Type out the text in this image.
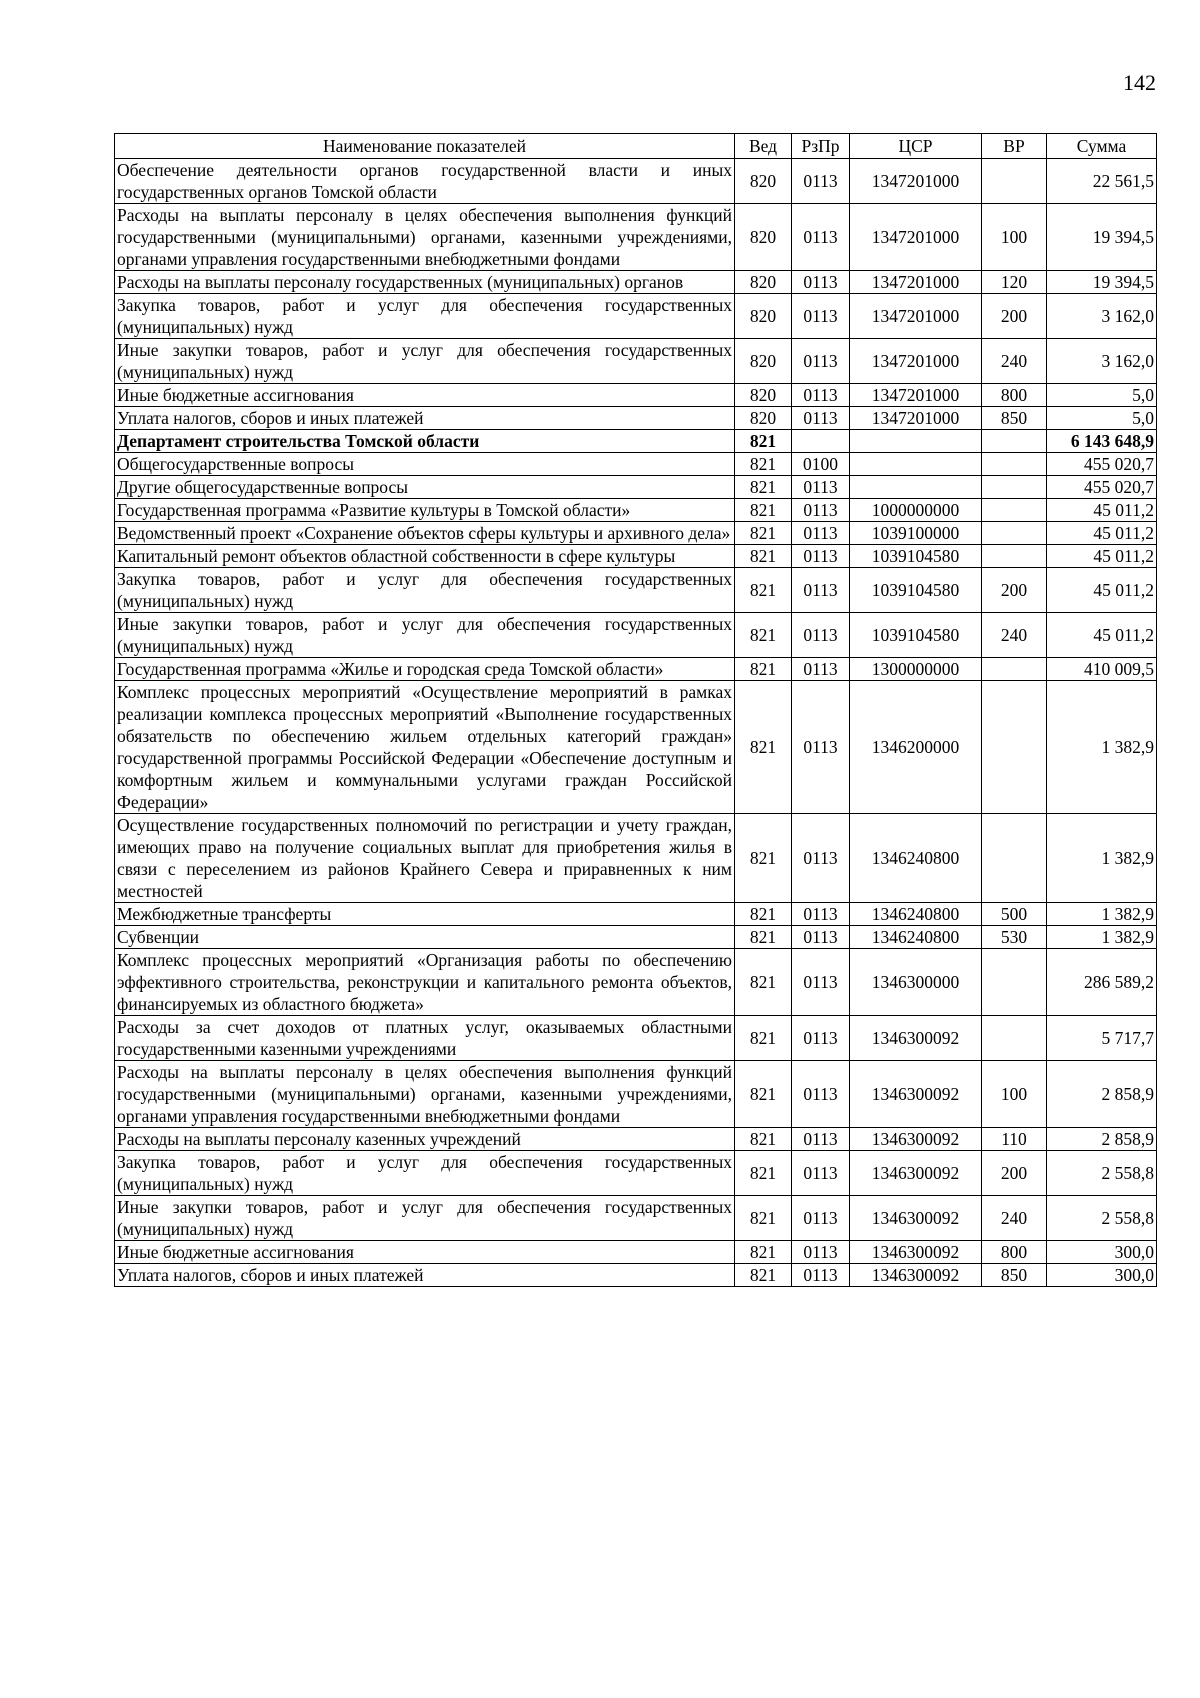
142
Наименование показателей	Вед	РзПр	ЦСР	ВР	Сумма
Обеспечение деятельности органов государственной власти и иных государственных органов Томской области	820	0113	1347201000		22 561,5
Расходы на выплаты персоналу в целях обеспечения выполнения функций государственными (муниципальными) органами, казенными учреждениями, органами управления государственными внебюджетными фондами	820	0113	1347201000	100	19 394,5
Расходы на выплаты персоналу государственных (муниципальных) органов	820	0113	1347201000	120	19 394,5
Закупка товаров, работ и услуг для обеспечения государственных (муниципальных) нужд	820	0113	1347201000	200	3 162,0
Иные закупки товаров, работ и услуг для обеспечения государственных (муниципальных) нужд	820	0113	1347201000	240	3 162,0
Иные бюджетные ассигнования	820	0113	1347201000	800	5,0
Уплата налогов, сборов и иных платежей	820	0113	1347201000	850	5,0
Департамент строительства Томской области	821				6 143 648,9
Общегосударственные вопросы	821	0100			455 020,7
Другие общегосударственные вопросы	821	0113			455 020,7
Государственная программа «Развитие культуры в Томской области»	821	0113	1000000000		45 011,2
Ведомственный проект «Сохранение объектов сферы культуры и архивного дела»	821	0113	1039100000		45 011,2
Капитальный ремонт объектов областной собственности в сфере культуры	821	0113	1039104580		45 011,2
Закупка товаров, работ и услуг для обеспечения государственных (муниципальных) нужд	821	0113	1039104580	200	45 011,2
Иные закупки товаров, работ и услуг для обеспечения государственных (муниципальных) нужд	821	0113	1039104580	240	45 011,2
Государственная программа «Жилье и городская среда Томской области»	821	0113	1300000000		410 009,5
Комплекс процессных мероприятий «Осуществление мероприятий в рамках реализации комплекса процессных мероприятий «Выполнение государственных обязательств по обеспечению жильем отдельных категорий граждан» государственной программы Российской Федерации «Обеспечение доступным и комфортным жильем и коммунальными услугами граждан Российской Федерации»	821	0113	1346200000		1 382,9
Осуществление государственных полномочий по регистрации и учету граждан, имеющих право на получение социальных выплат для приобретения жилья в связи с переселением из районов Крайнего Севера и приравненных к ним местностей	821	0113	1346240800		1 382,9
Межбюджетные трансферты	821	0113	1346240800	500	1 382,9
Субвенции	821	0113	1346240800	530	1 382,9
Комплекс процессных мероприятий «Организация работы по обеспечению эффективного строительства, реконструкции и капитального ремонта объектов, финансируемых из областного бюджета»	821	0113	1346300000		286 589,2
Расходы за счет доходов от платных услуг, оказываемых областными государственными казенными учреждениями	821	0113	1346300092		5 717,7
Расходы на выплаты персоналу в целях обеспечения выполнения функций государственными (муниципальными) органами, казенными учреждениями, органами управления государственными внебюджетными фондами	821	0113	1346300092	100	2 858,9
Расходы на выплаты персоналу казенных учреждений	821	0113	1346300092	110	2 858,9
Закупка товаров, работ и услуг для обеспечения государственных (муниципальных) нужд	821	0113	1346300092	200	2 558,8
Иные закупки товаров, работ и услуг для обеспечения государственных (муниципальных) нужд	821	0113	1346300092	240	2 558,8
Иные бюджетные ассигнования	821	0113	1346300092	800	300,0
Уплата налогов, сборов и иных платежей	821	0113	1346300092	850	300,0
